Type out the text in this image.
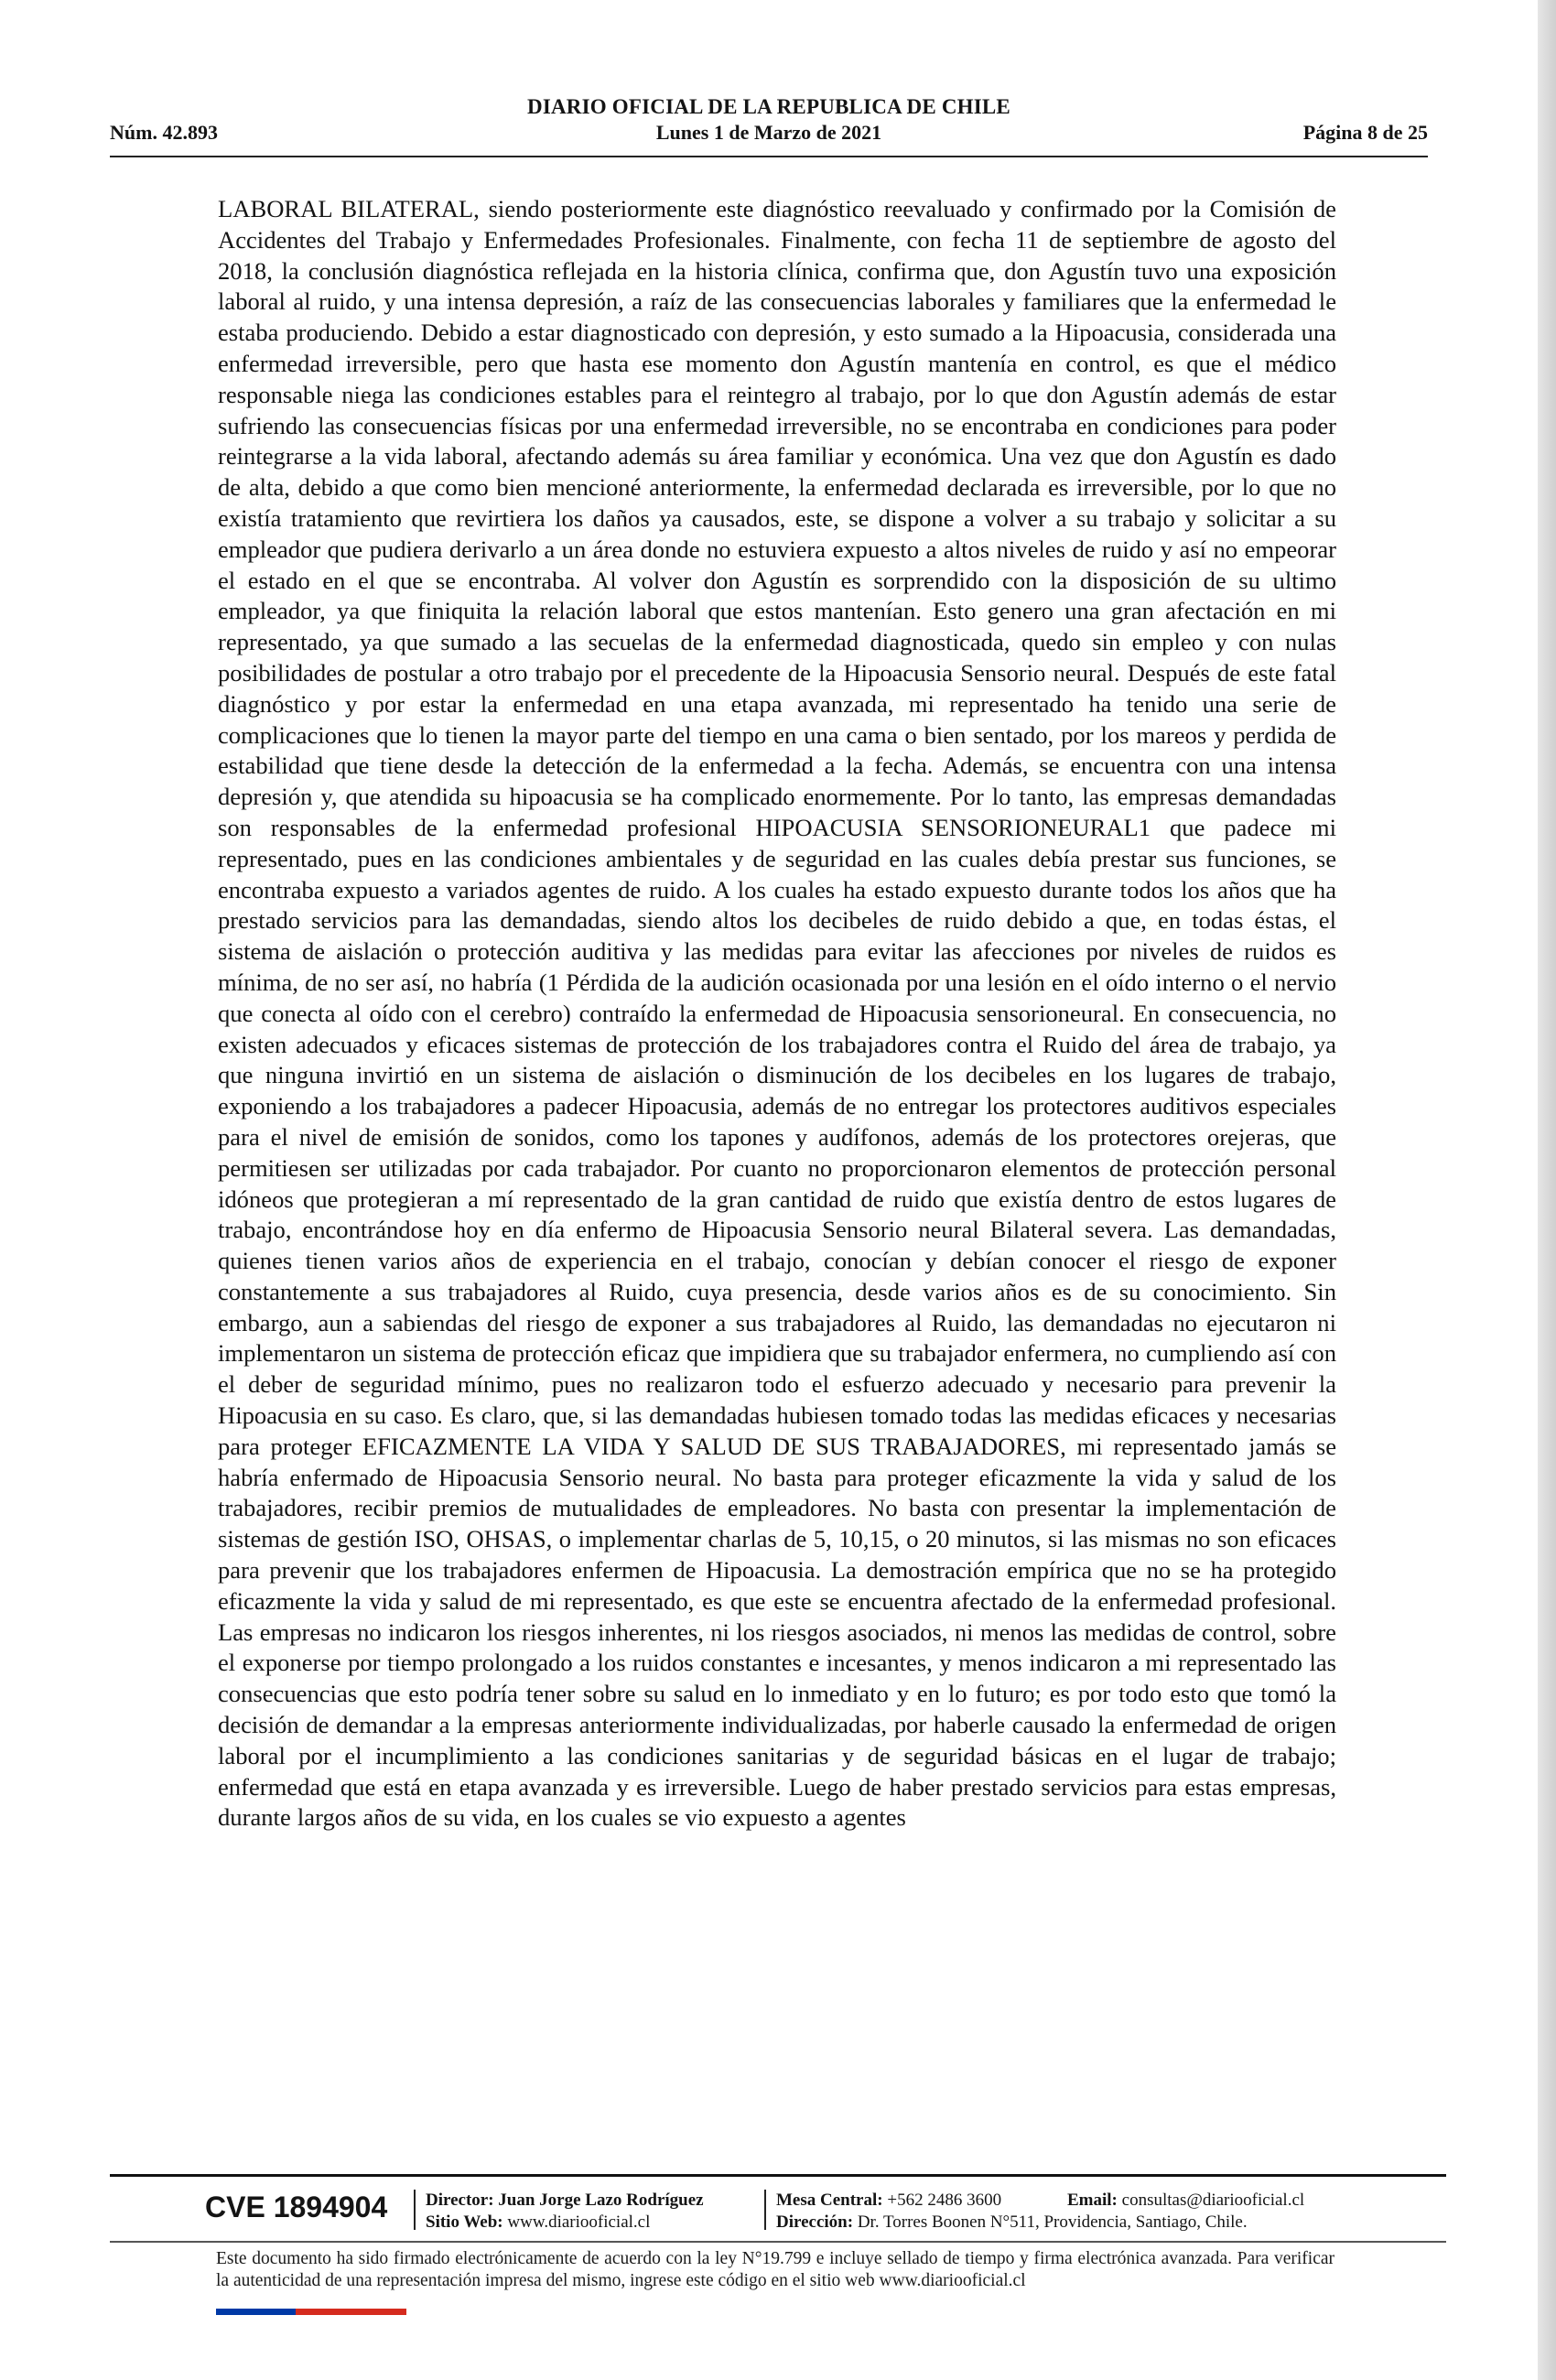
DIARIO OFICIAL DE LA REPUBLICA DE CHILE
Núm. 42.893	Lunes 1 de Marzo de 2021	Página 8 de 25
LABORAL BILATERAL, siendo posteriormente este diagnóstico reevaluado y confirmado por la Comisión de Accidentes del Trabajo y Enfermedades Profesionales. Finalmente, con fecha 11 de septiembre de agosto del 2018, la conclusión diagnóstica reflejada en la historia clínica, confirma que, don Agustín tuvo una exposición laboral al ruido, y una intensa depresión, a raíz de las consecuencias laborales y familiares que la enfermedad le estaba produciendo. Debido a estar diagnosticado con depresión, y esto sumado a la Hipoacusia, considerada una enfermedad irreversible, pero que hasta ese momento don Agustín mantenía en control, es que el médico responsable niega las condiciones estables para el reintegro al trabajo, por lo que don Agustín además de estar sufriendo las consecuencias físicas por una enfermedad irreversible, no se encontraba en condiciones para poder reintegrarse a la vida laboral, afectando además su área familiar y económica. Una vez que don Agustín es dado de alta, debido a que como bien mencioné anteriormente, la enfermedad declarada es irreversible, por lo que no existía tratamiento que revirtiera los daños ya causados, este, se dispone a volver a su trabajo y solicitar a su empleador que pudiera derivarlo a un área donde no estuviera expuesto a altos niveles de ruido y así no empeorar el estado en el que se encontraba. Al volver don Agustín es sorprendido con la disposición de su ultimo empleador, ya que finiquita la relación laboral que estos mantenían. Esto genero una gran afectación en mi representado, ya que sumado a las secuelas de la enfermedad diagnosticada, quedo sin empleo y con nulas posibilidades de postular a otro trabajo por el precedente de la Hipoacusia Sensorio neural. Después de este fatal diagnóstico y por estar la enfermedad en una etapa avanzada, mi representado ha tenido una serie de complicaciones que lo tienen la mayor parte del tiempo en una cama o bien sentado, por los mareos y perdida de estabilidad que tiene desde la detección de la enfermedad a la fecha. Además, se encuentra con una intensa depresión y, que atendida su hipoacusia se ha complicado enormemente. Por lo tanto, las empresas demandadas son responsables de la enfermedad profesional HIPOACUSIA SENSORIONEURAL1 que padece mi representado, pues en las condiciones ambientales y de seguridad en las cuales debía prestar sus funciones, se encontraba expuesto a variados agentes de ruido. A los cuales ha estado expuesto durante todos los años que ha prestado servicios para las demandadas, siendo altos los decibeles de ruido debido a que, en todas éstas, el sistema de aislación o protección auditiva y las medidas para evitar las afecciones por niveles de ruidos es mínima, de no ser así, no habría (1 Pérdida de la audición ocasionada por una lesión en el oído interno o el nervio que conecta al oído con el cerebro) contraído la enfermedad de Hipoacusia sensorioneural. En consecuencia, no existen adecuados y eficaces sistemas de protección de los trabajadores contra el Ruido del área de trabajo, ya que ninguna invirtió en un sistema de aislación o disminución de los decibeles en los lugares de trabajo, exponiendo a los trabajadores a padecer Hipoacusia, además de no entregar los protectores auditivos especiales para el nivel de emisión de sonidos, como los tapones y audífonos, además de los protectores orejeras, que permitiesen ser utilizadas por cada trabajador. Por cuanto no proporcionaron elementos de protección personal idóneos que protegieran a mí representado de la gran cantidad de ruido que existía dentro de estos lugares de trabajo, encontrándose hoy en día enfermo de Hipoacusia Sensorio neural Bilateral severa. Las demandadas, quienes tienen varios años de experiencia en el trabajo, conocían y debían conocer el riesgo de exponer constantemente a sus trabajadores al Ruido, cuya presencia, desde varios años es de su conocimiento. Sin embargo, aun a sabiendas del riesgo de exponer a sus trabajadores al Ruido, las demandadas no ejecutaron ni implementaron un sistema de protección eficaz que impidiera que su trabajador enfermera, no cumpliendo así con el deber de seguridad mínimo, pues no realizaron todo el esfuerzo adecuado y necesario para prevenir la Hipoacusia en su caso. Es claro, que, si las demandadas hubiesen tomado todas las medidas eficaces y necesarias para proteger EFICAZMENTE LA VIDA Y SALUD DE SUS TRABAJADORES, mi representado jamás se habría enfermado de Hipoacusia Sensorio neural. No basta para proteger eficazmente la vida y salud de los trabajadores, recibir premios de mutualidades de empleadores. No basta con presentar la implementación de sistemas de gestión ISO, OHSAS, o implementar charlas de 5, 10,15, o 20 minutos, si las mismas no son eficaces para prevenir que los trabajadores enfermen de Hipoacusia. La demostración empírica que no se ha protegido eficazmente la vida y salud de mi representado, es que este se encuentra afectado de la enfermedad profesional. Las empresas no indicaron los riesgos inherentes, ni los riesgos asociados, ni menos las medidas de control, sobre el exponerse por tiempo prolongado a los ruidos constantes e incesantes, y menos indicaron a mi representado las consecuencias que esto podría tener sobre su salud en lo inmediato y en lo futuro; es por todo esto que tomó la decisión de demandar a la empresas anteriormente individualizadas, por haberle causado la enfermedad de origen laboral por el incumplimiento a las condiciones sanitarias y de seguridad básicas en el lugar de trabajo; enfermedad que está en etapa avanzada y es irreversible. Luego de haber prestado servicios para estas empresas, durante largos años de su vida, en los cuales se vio expuesto a agentes
CVE 1894904	Director: Juan Jorge Lazo Rodríguez
Sitio Web: www.diariooficial.cl
Mesa Central: +562 2486 3600	Email: consultas@diariooficial.cl
Dirección: Dr. Torres Boonen N°511, Providencia, Santiago, Chile.
Este documento ha sido firmado electrónicamente de acuerdo con la ley N°19.799 e incluye sellado de tiempo y firma electrónica avanzada. Para verificar la autenticidad de una representación impresa del mismo, ingrese este código en el sitio web www.diariooficial.cl
